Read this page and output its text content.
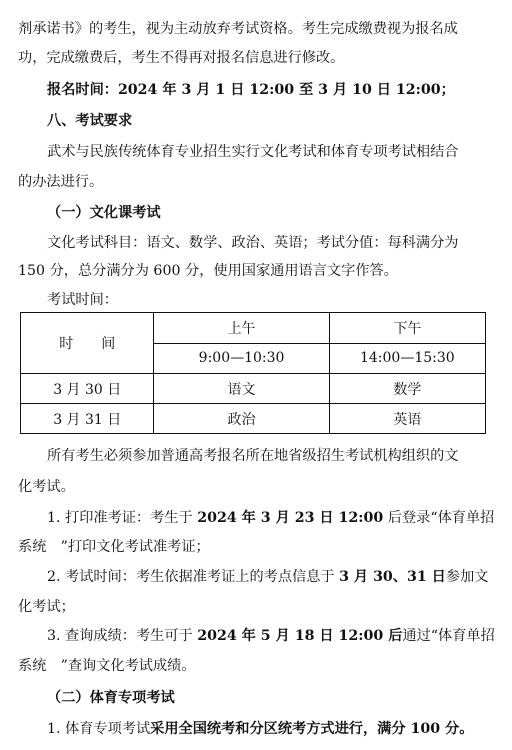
剂承诺书》的考生，视为主动放弃考试资格。考生完成缴费视为报名成
功，完成缴费后，考生不得再对报名信息进行修改。
报名时间：2024 年 3 月 1 日 12:00 至 3 月 10 日 12:00；
八、考试要求
武术与民族传统体育专业招生实行文化考试和体育专项考试相结合
的办法进行。
（一）文化课考试
文化考试科目：语文、数学、政治、英语；考试分值：每科满分为
150 分，总分满分为 600 分，使用国家通用语言文字作答。
考试时间：
时　　间	上午	下午
	9:00—10:30	14:00—15:30
3 月 30 日	语文	数学
3 月 31 日	政治	英语
所有考生必须参加普通高考报名所在地省级招生考试机构组织的文
化考试。
1. 打印准考证：考生于 2024 年 3 月 23 日 12:00 后登录“体育单招
系统　”打印文化考试准考证；
2. 考试时间：考生依据准考证上的考点信息于 3 月 30、31 日参加文
化考试；
3. 查询成绩：考生可于 2024 年 5 月 18 日 12:00 后通过“体育单招
系统　”查询文化考试成绩。
（二）体育专项考试
1. 体育专项考试采用全国统考和分区统考方式进行，满分 100 分。
